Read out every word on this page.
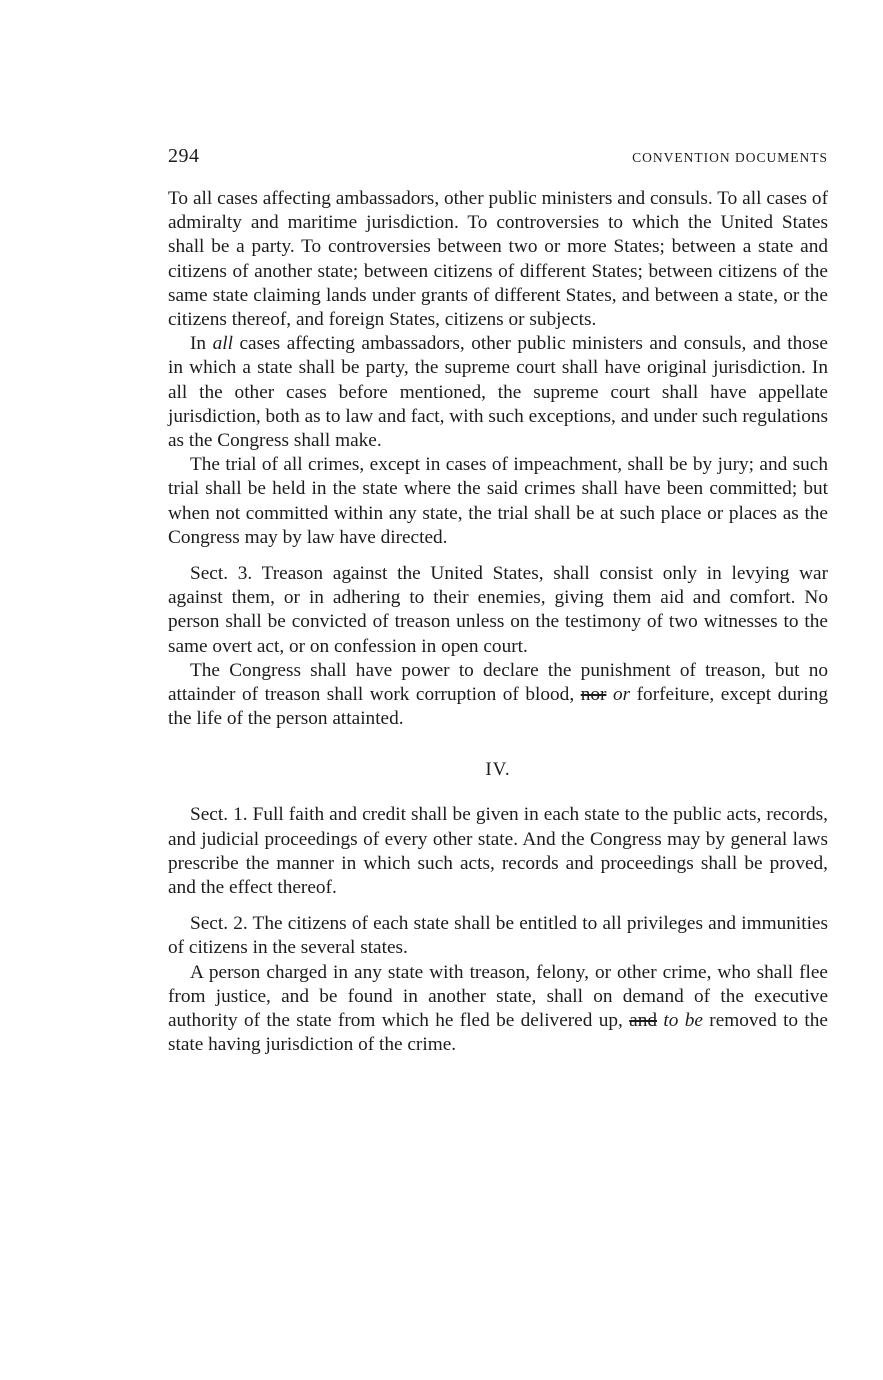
294	CONVENTION DOCUMENTS

To all cases affecting ambassadors, other public ministers and consuls. To all cases of admiralty and maritime jurisdiction. To controversies to which the United States shall be a party. To controversies between two or more States; between a state and citizens of another state; between citizens of different States; between citizens of the same state claiming lands under grants of different States, and between a state, or the citizens thereof, and foreign States, citizens or subjects.

In all cases affecting ambassadors, other public ministers and consuls, and those in which a state shall be party, the supreme court shall have original jurisdiction. In all the other cases before mentioned, the supreme court shall have appellate jurisdiction, both as to law and fact, with such exceptions, and under such regulations as the Congress shall make.

The trial of all crimes, except in cases of impeachment, shall be by jury; and such trial shall be held in the state where the said crimes shall have been committed; but when not committed within any state, the trial shall be at such place or places as the Congress may by law have directed.

Sect. 3. Treason against the United States, shall consist only in levying war against them, or in adhering to their enemies, giving them aid and comfort. No person shall be convicted of treason unless on the testimony of two witnesses to the same overt act, or on confession in open court.

The Congress shall have power to declare the punishment of treason, but no attainder of treason shall work corruption of blood, nor or forfeiture, except during the life of the person attainted.

IV.

Sect. 1. Full faith and credit shall be given in each state to the public acts, records, and judicial proceedings of every other state. And the Congress may by general laws prescribe the manner in which such acts, records and proceedings shall be proved, and the effect thereof.

Sect. 2. The citizens of each state shall be entitled to all privileges and immunities of citizens in the several states.

A person charged in any state with treason, felony, or other crime, who shall flee from justice, and be found in another state, shall on demand of the executive authority of the state from which he fled be delivered up, and to be removed to the state having jurisdiction of the crime.
